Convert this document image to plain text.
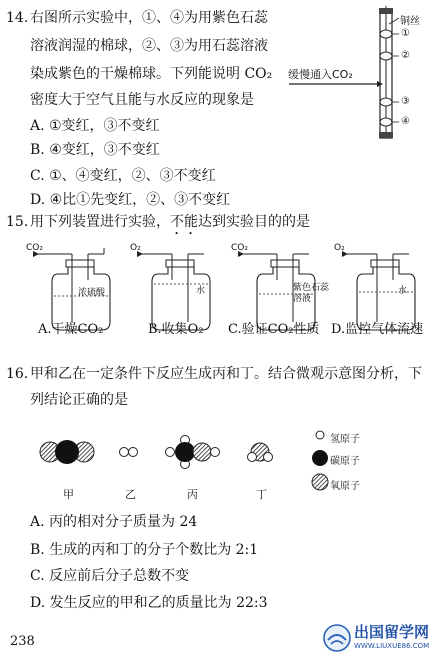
14. 右图所示实验中，①、④为用紫色石蕊
溶液润湿的棉球，②、③为用石蕊溶液
染成紫色的干燥棉球。下列能说明 CO₂
密度大于空气且能与水反应的现象是
A. ①变红，③不变红
B. ④变红，③不变红
C. ①、④变红，②、③不变红
D. ④比①先变红，②、③不变红
铜丝
缓慢通入CO₂
①
②
③
④
15. 用下列装置进行实验，不能达到实验目的的是
CO₂	O₂	CO₂	O₂
浓硫酸	水	紫色石蕊溶液
水
A.干燥CO₂	B.收集O₂ C.验证CO₂性质 D.监控气体流速
16. 甲和乙在一定条件下反应生成丙和丁。结合微观示意图分析，下
列结论正确的是
氢原子
碳原子
氧原子
甲	乙	丙	丁
A. 丙的相对分子质量为 24
B. 生成的丙和丁的分子个数比为 2:1
C. 反应前后分子总数不变
D. 发生反应的甲和乙的质量比为 22:3
238
出国留学网
WWW.LIUXUE86.COM
